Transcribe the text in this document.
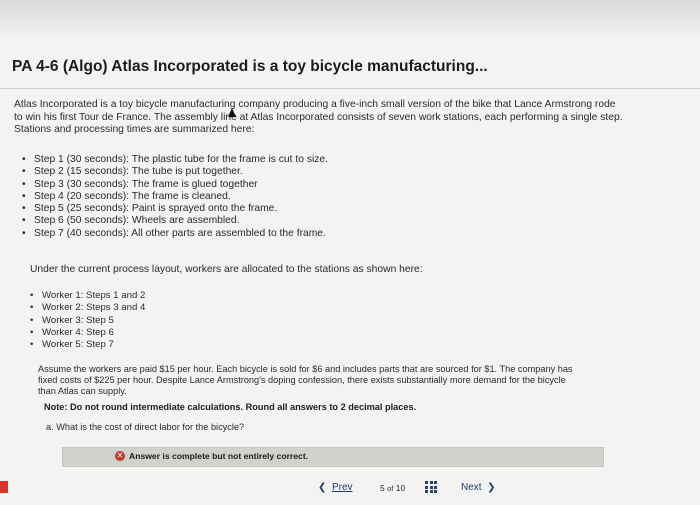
PA 4-6 (Algo) Atlas Incorporated is a toy bicycle manufacturing...
Atlas Incorporated is a toy bicycle manufacturing company producing a five-inch small version of the bike that Lance Armstrong rode
to win his first Tour de France. The assembly line at Atlas Incorporated consists of seven work stations, each performing a single step.
Stations and processing times are summarized here:
• Step 1 (30 seconds): The plastic tube for the frame is cut to size.
• Step 2 (15 seconds): The tube is put together.
• Step 3 (30 seconds): The frame is glued together
• Step 4 (20 seconds): The frame is cleaned.
• Step 5 (25 seconds): Paint is sprayed onto the frame.
• Step 6 (50 seconds): Wheels are assembled.
• Step 7 (40 seconds): All other parts are assembled to the frame.
Under the current process layout, workers are allocated to the stations as shown here:
• Worker 1: Steps 1 and 2
• Worker 2: Steps 3 and 4
• Worker 3: Step 5
• Worker 4: Step 6
• Worker 5: Step 7
Assume the workers are paid $15 per hour. Each bicycle is sold for $6 and includes parts that are sourced for $1. The company has
fixed costs of $225 per hour. Despite Lance Armstrong's doping confession, there exists substantially more demand for the bicycle
than Atlas can supply.
Note: Do not round intermediate calculations. Round all answers to 2 decimal places.
a. What is the cost of direct labor for the bicycle?
✕ Answer is complete but not entirely correct.
❮ Prev	5 of 10	Next ❯
